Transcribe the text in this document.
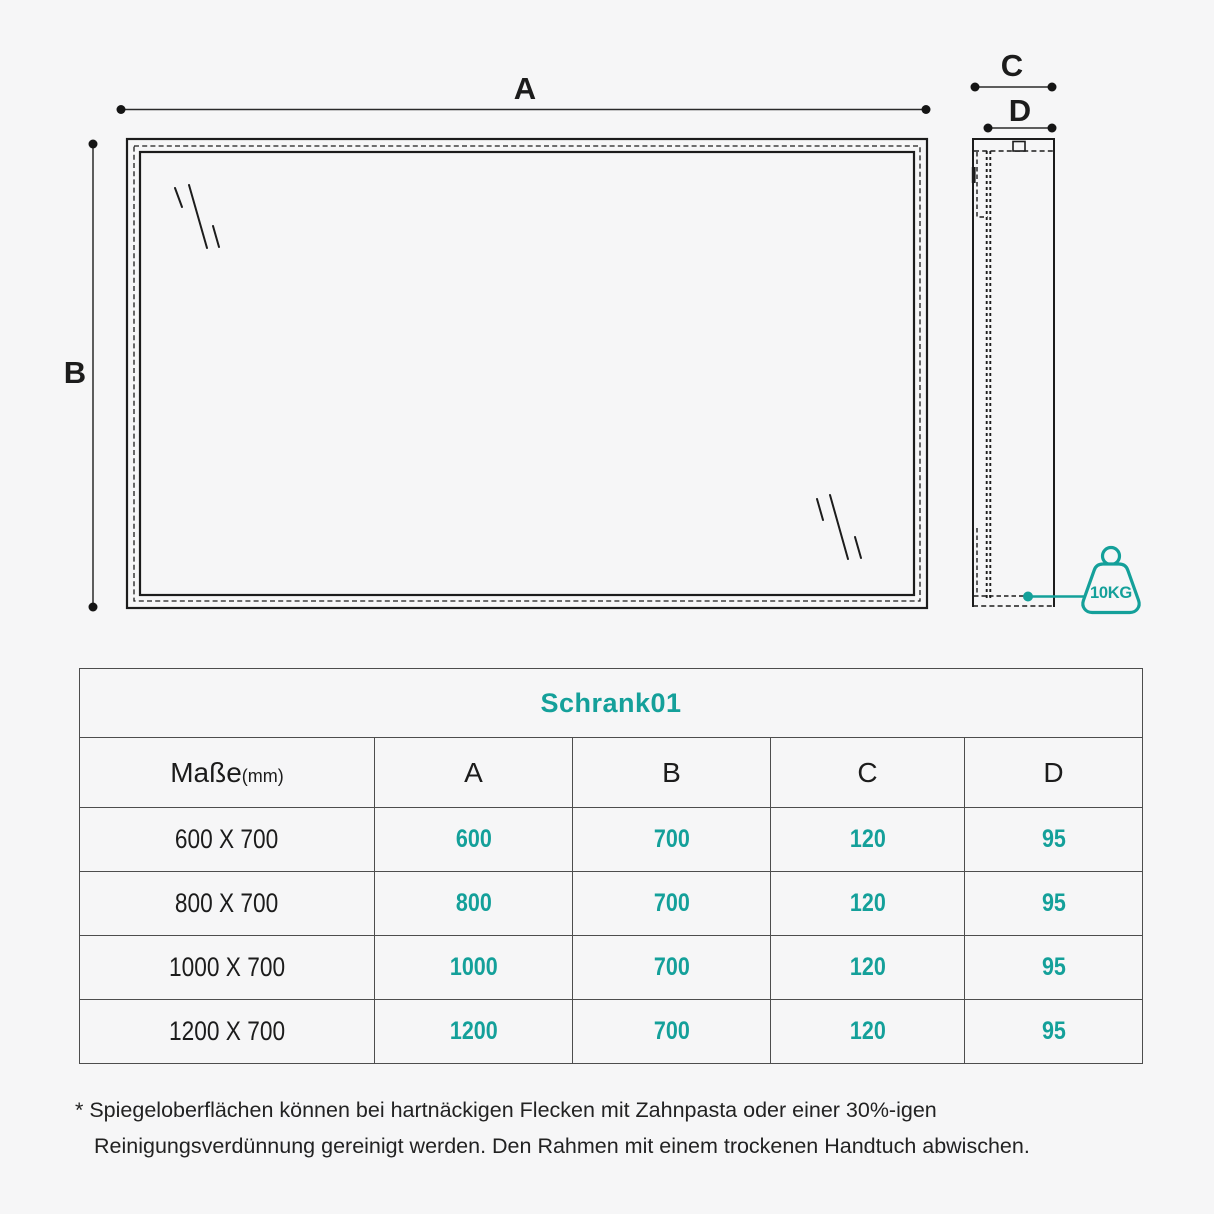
A
B
C
D
10KG
Schrank01				
Maße(mm)	A	B	C	D
600 X 700	600	700	120	95
800 X 700	800	700	120	95
1000 X 700	1000	700	120	95
1200 X 700	1200	700	120	95
* Spiegeloberflächen können bei hartnäckigen Flecken mit Zahnpasta oder einer 30%-igen
Reinigungsverdünnung gereinigt werden. Den Rahmen mit einem trockenen Handtuch abwischen.
